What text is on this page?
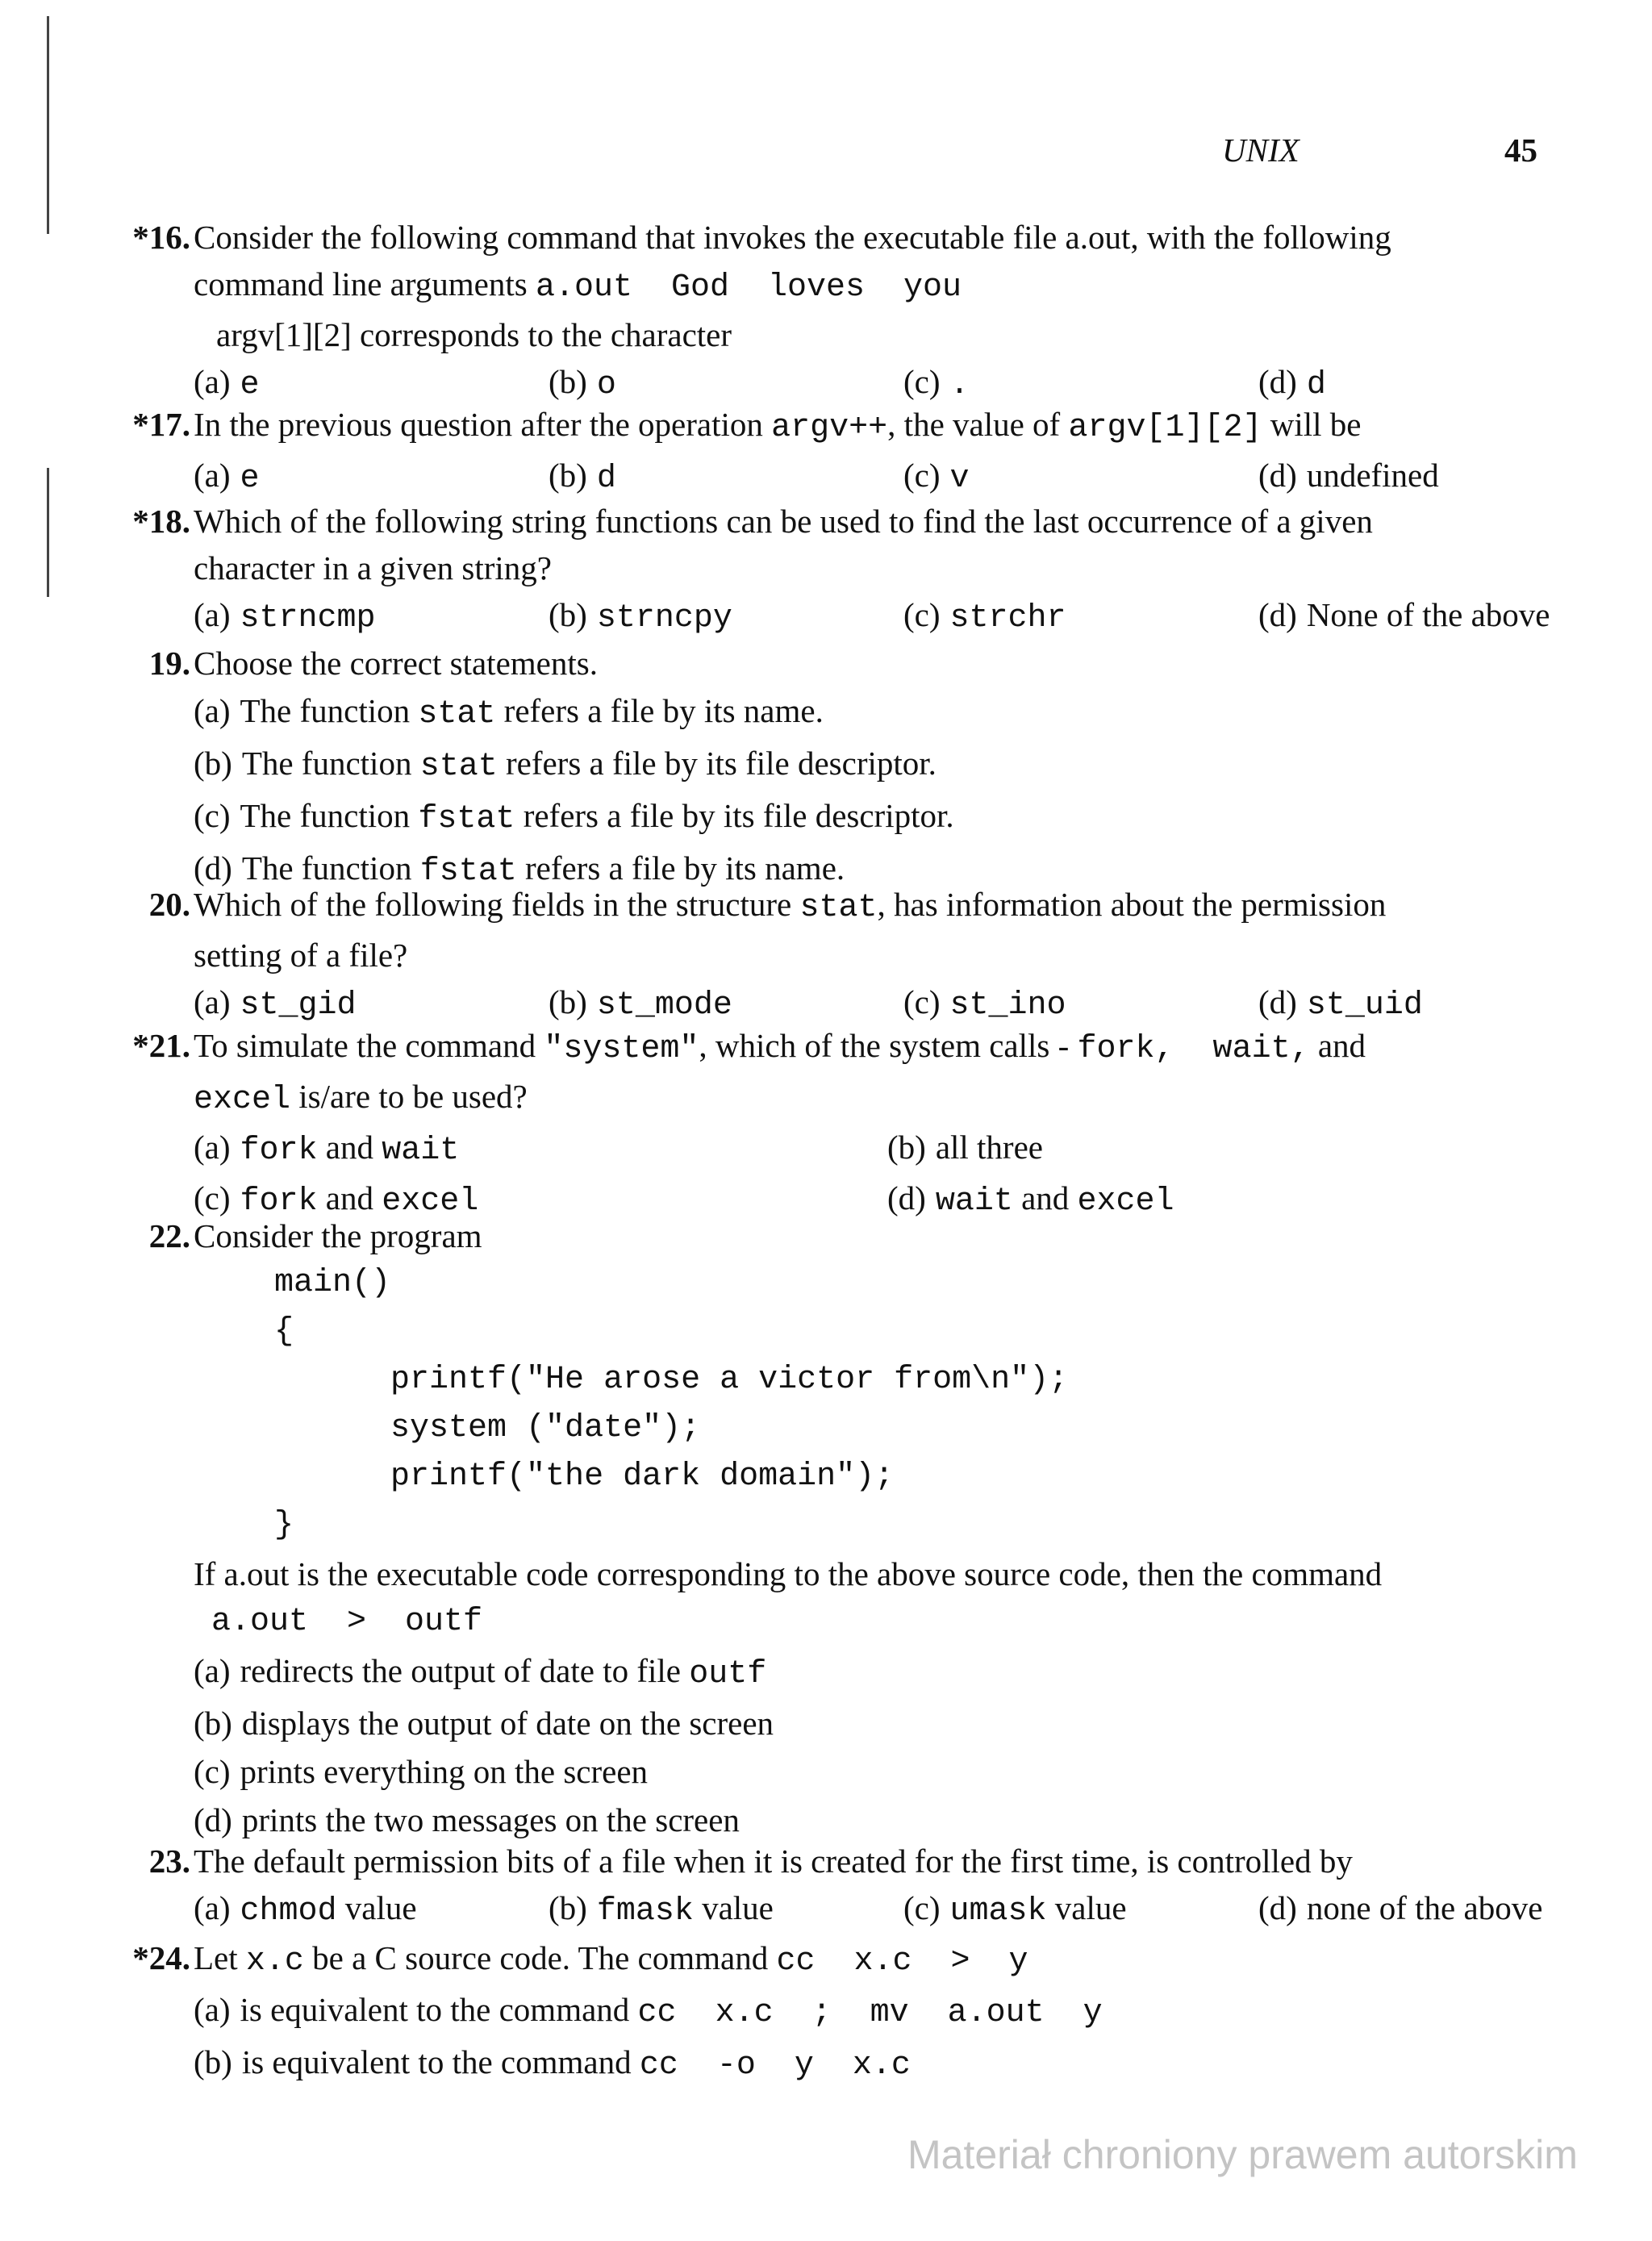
UNIX	45
*16. Consider the following command that invokes the executable file a.out, with the following
command line arguments a.out  God  loves  you
argv[1][2] corresponds to the character
(a) e	(b) o	(c) .	(d) d
*17. In the previous question after the operation argv++, the value of argv[1][2] will be
(a) e	(b) d	(c) v	(d) undefined
*18. Which of the following string functions can be used to find the last occurrence of a given
character in a given string?
(a) strncmp	(b) strncpy	(c) strchr	(d) None of the above
19. Choose the correct statements.
(a) The function stat refers a file by its name.
(b) The function stat refers a file by its file descriptor.
(c) The function fstat refers a file by its file descriptor.
(d) The function fstat refers a file by its name.
20. Which of the following fields in the structure stat, has information about the permission
setting of a file?
(a) st_gid	(b) st_mode	(c) st_ino	(d) st_uid
*21. To simulate the command "system", which of the system calls - fork,  wait, and
excel is/are to be used?
(a) fork and wait	(b) all three
(c) fork and excel	(d) wait and excel
22. Consider the program
main()
{
printf("He arose a victor from\n");
system ("date");
printf("the dark domain");
}
If a.out is the executable code corresponding to the above source code, then the command
a.out  >  outf
(a) redirects the output of date to file outf
(b) displays the output of date on the screen
(c) prints everything on the screen
(d) prints the two messages on the screen
23. The default permission bits of a file when it is created for the first time, is controlled by
(a) chmod value	(b) fmask value	(c) umask value	(d) none of the above
*24. Let x.c be a C source code. The command cc  x.c  >  y
(a) is equivalent to the command cc  x.c  ;  mv  a.out  y
(b) is equivalent to the command cc  -o  y  x.c
Materiał chroniony prawem autorskim
